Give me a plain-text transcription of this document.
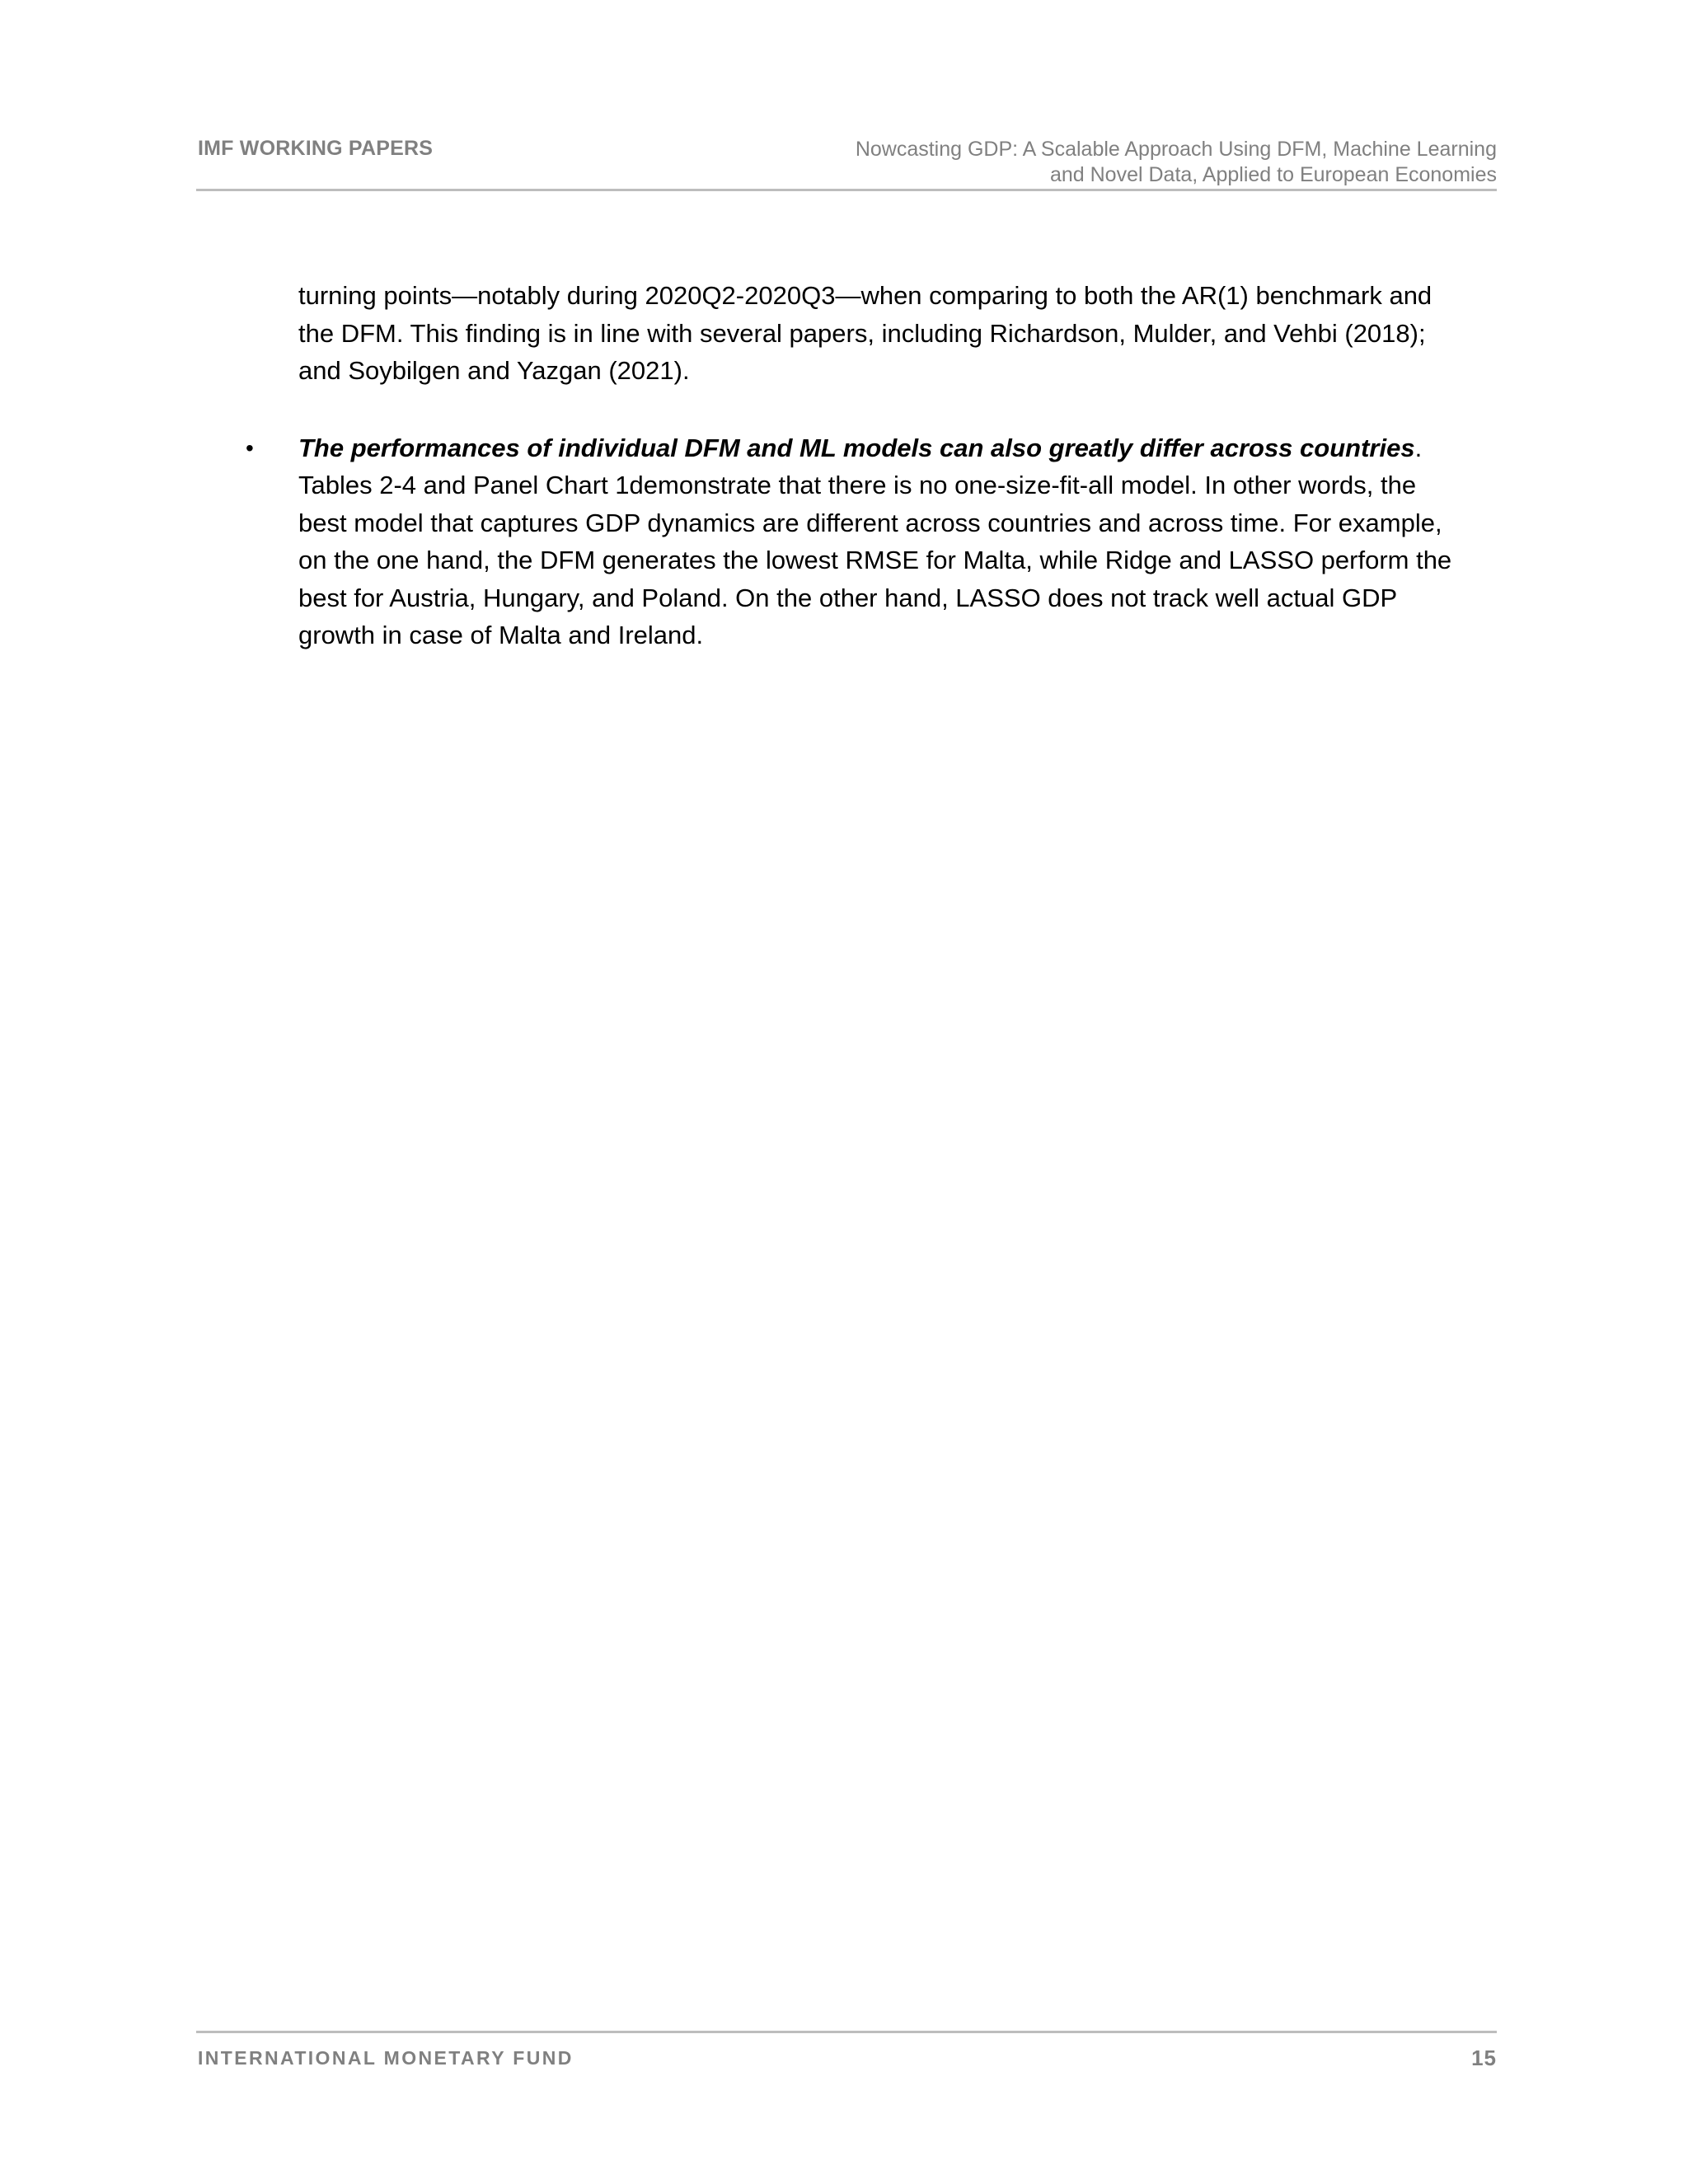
IMF WORKING PAPERS	Nowcasting GDP: A Scalable Approach Using DFM, Machine Learning
and Novel Data, Applied to European Economies

turning points—notably during 2020Q2-2020Q3—when comparing to both the AR(1) benchmark and

the DFM. This finding is in line with several papers, including Richardson, Mulder, and Vehbi (2018);

and Soybilgen and Yazgan (2021).

• The performances of individual DFM and ML models can also greatly differ across countries.

Tables 2-4 and Panel Chart 1demonstrate that there is no one-size-fit-all model. In other words, the

best model that captures GDP dynamics are different across countries and across time. For example,

on the one hand, the DFM generates the lowest RMSE for Malta, while Ridge and LASSO perform the

best for Austria, Hungary, and Poland. On the other hand, LASSO does not track well actual GDP

growth in case of Malta and Ireland.

INTERNATIONAL MONETARY FUND	15
